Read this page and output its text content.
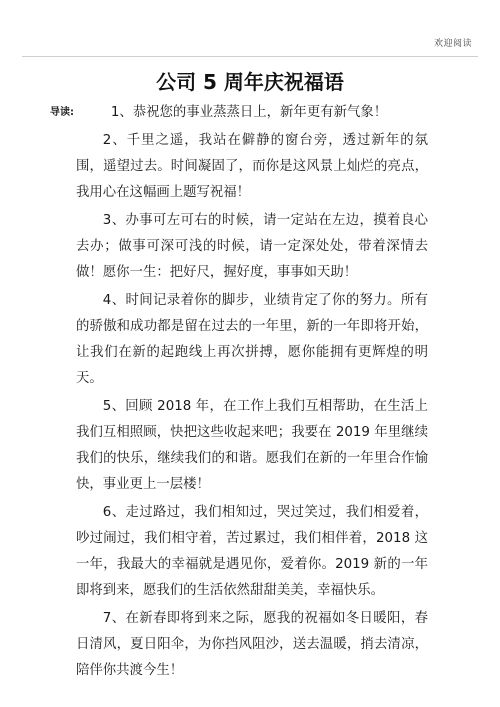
欢迎阅读
公司 5 周年庆祝福语
导读:	1、恭祝您的事业蒸蒸日上，新年更有新气象！

2、千里之遥，我站在僻静的窗台旁，透过新年的氛围，遥望过去。时间凝固了，而你是这风景上灿烂的亮点，我用心在这幅画上题写祝福！

3、办事可左可右的时候，请一定站在左边，摸着良心去办；做事可深可浅的时候，请一定深处处，带着深情去做！愿你一生：把好尺，握好度，事事如天助！

4、时间记录着你的脚步，业绩肯定了你的努力。所有的骄傲和成功都是留在过去的一年里，新的一年即将开始，让我们在新的起跑线上再次拼搏，愿你能拥有更辉煌的明天。

5、回顾 2018 年，在工作上我们互相帮助，在生活上我们互相照顾，快把这些收起来吧；我要在 2019 年里继续我们的快乐，继续我们的和谐。愿我们在新的一年里合作愉快，事业更上一层楼！

6、走过路过，我们相知过，哭过笑过，我们相爱着，吵过闹过，我们相守着，苦过累过，我们相伴着，2018 这一年，我最大的幸福就是遇见你，爱着你。2019 新的一年即将到来，愿我们的生活依然甜甜美美，幸福快乐。

7、在新春即将到来之际，愿我的祝福如冬日暖阳，春日清风，夏日阳伞，为你挡风阻沙，送去温暖，捎去清凉，陪伴你共渡今生！
